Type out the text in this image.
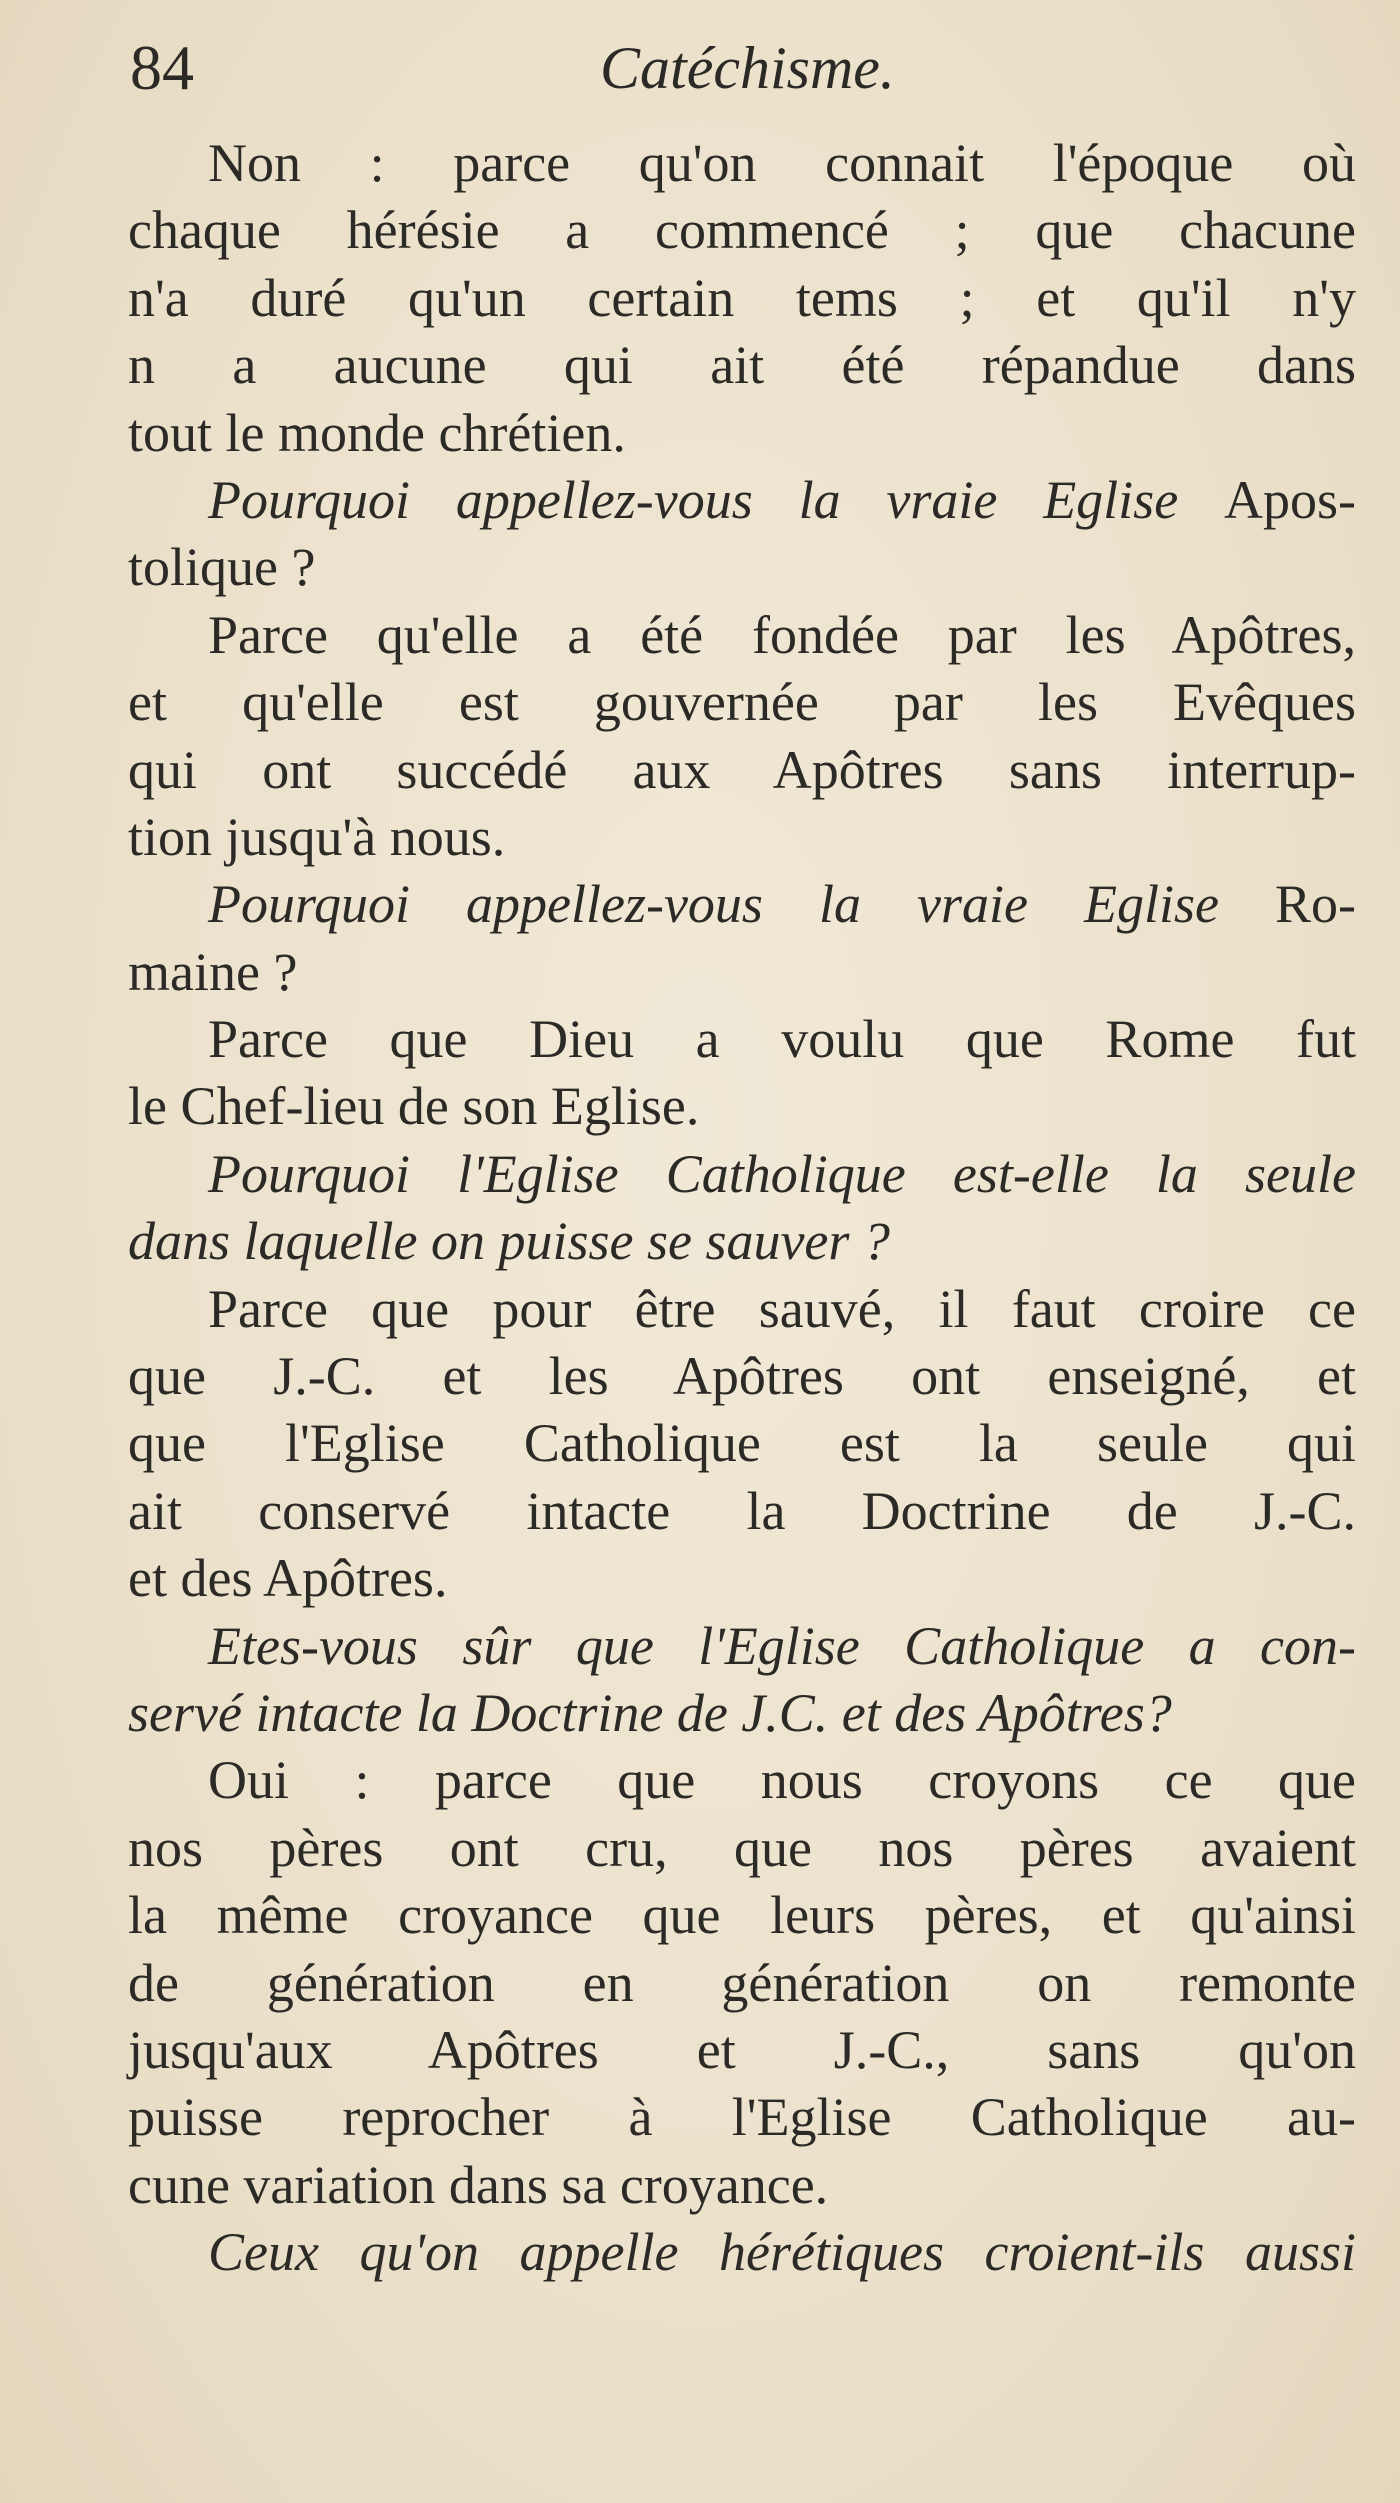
84	Catéchisme.
Non : parce qu'on connait l'époque où
chaque hérésie a commencé ; que chacune
n'a duré qu'un certain tems ; et qu'il n'y
n a aucune qui ait été répandue dans
tout le monde chrétien.
Pourquoi appellez-vous la vraie Eglise Apos-
tolique ?
Parce qu'elle a été fondée par les Apôtres,
et qu'elle est gouvernée par les Evêques
qui ont succédé aux Apôtres sans interrup-
tion jusqu'à nous.
Pourquoi appellez-vous la vraie Eglise Ro-
maine ?
Parce que Dieu a voulu que Rome fut
le Chef-lieu de son Eglise.
Pourquoi l'Eglise Catholique est-elle la seule
dans laquelle on puisse se sauver ?
Parce que pour être sauvé, il faut croire ce
que J.-C. et les Apôtres ont enseigné, et
que l'Eglise Catholique est la seule qui
ait conservé intacte la Doctrine de J.-C.
et des Apôtres.
Etes-vous sûr que l'Eglise Catholique a con-
servé intacte la Doctrine de J.C. et des Apôtres?
Oui : parce que nous croyons ce que
nos pères ont cru, que nos pères avaient
la même croyance que leurs pères, et qu'ainsi
de génération en génération on remonte
jusqu'aux Apôtres et J.-C., sans qu'on
puisse reprocher à l'Eglise Catholique au-
cune variation dans sa croyance.
Ceux qu'on appelle hérétiques croient-ils aussi
